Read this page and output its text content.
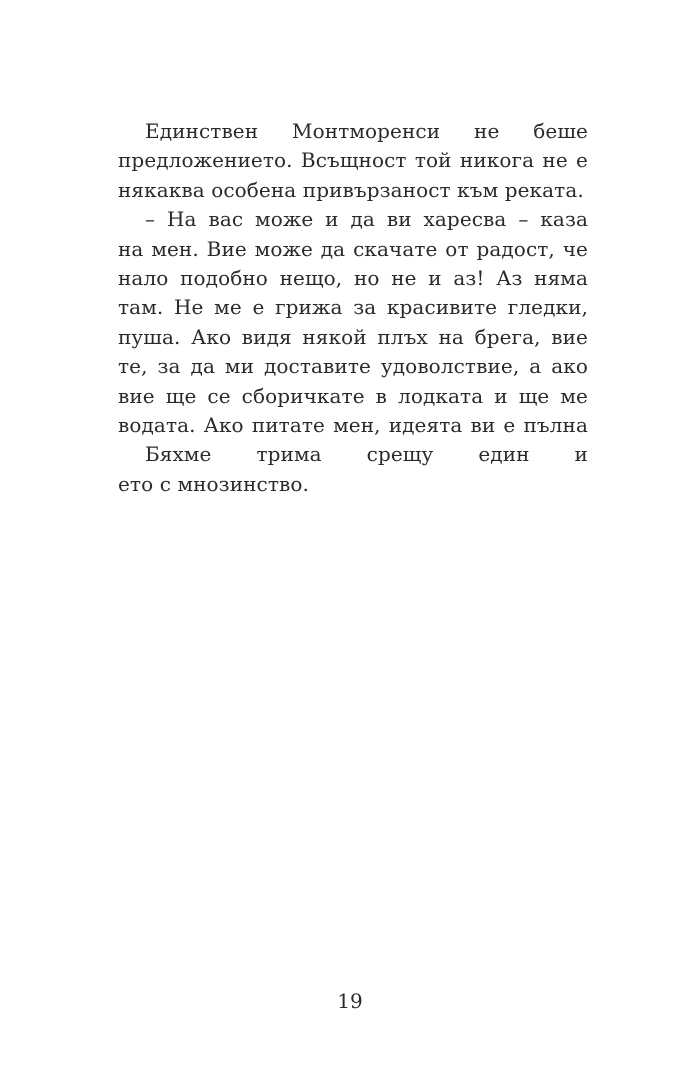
Единствен Монтморенси не беше
предложението. Всъщност той никога не е
някаква особена привързаност към реката.
– На вас може и да ви харесва – каза
на мен. Вие може да скачате от радост, че
нало подобно нещо, но не и аз! Аз няма
там. Не ме е грижа за красивите гледки,
пуша. Ако видя някой плъх на брега, вие
те, за да ми доставите удоволствие, а ако
вие ще се сборичкате в лодката и ще ме
водата. Ако питате мен, идеята ви е пълна
Бяхме трима срещу един и
ето с мнозинство.
19
